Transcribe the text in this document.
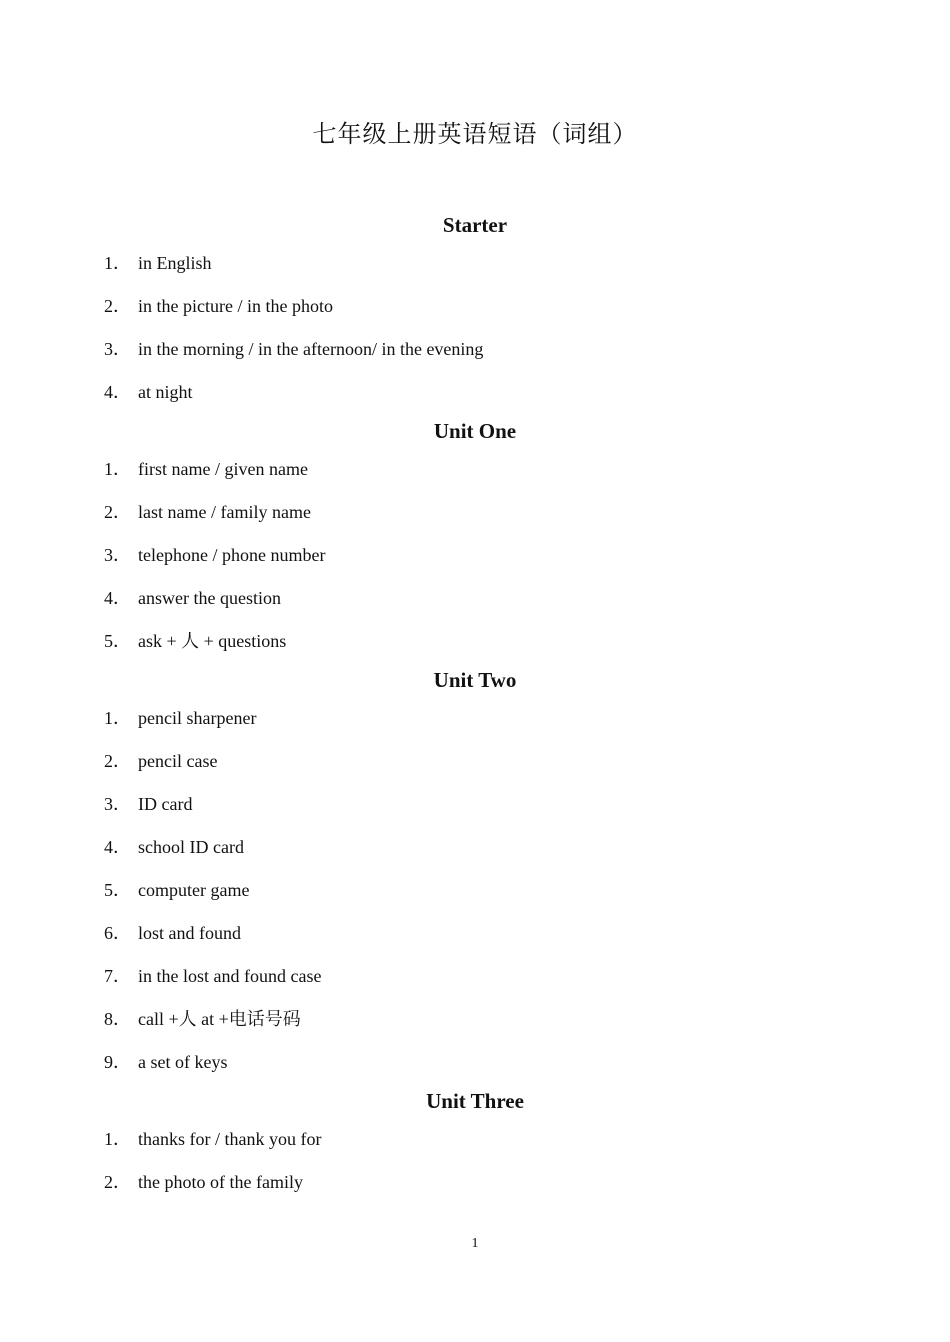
七年级上册英语短语（词组）
Starter
1． in English
2． in the picture / in the photo
3． in the morning / in the afternoon/ in the evening
4． at night
Unit One
1． first name / given name
2． last name / family name
3． telephone / phone number
4． answer the question
5． ask + 人 + questions
Unit Two
1． pencil sharpener
2． pencil case
3． ID card
4． school ID card
5． computer game
6． lost and found
7． in the lost and found case
8． call +人 at +电话号码
9． a set of keys
Unit Three
1． thanks for / thank you for
2． the photo of the family
1
